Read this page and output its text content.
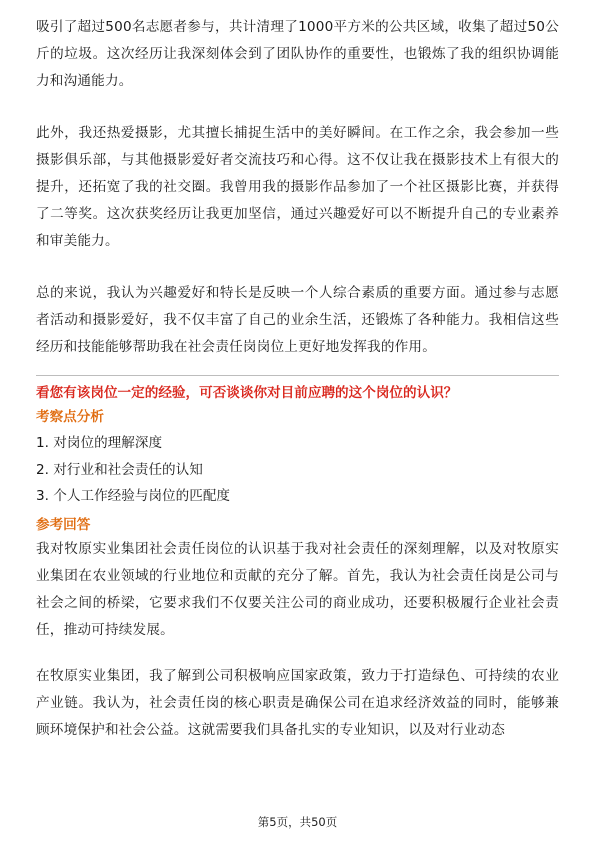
吸引了超过500名志愿者参与，共计清理了1000平方米的公共区域，收集了超过50公斤的垃圾。这次经历让我深刻体会到了团队协作的重要性，也锻炼了我的组织协调能力和沟通能力。

此外，我还热爱摄影，尤其擅长捕捉生活中的美好瞬间。在工作之余，我会参加一些摄影俱乐部，与其他摄影爱好者交流技巧和心得。这不仅让我在摄影技术上有很大的提升，还拓宽了我的社交圈。我曾用我的摄影作品参加了一个社区摄影比赛，并获得了二等奖。这次获奖经历让我更加坚信，通过兴趣爱好可以不断提升自己的专业素养和审美能力。

总的来说，我认为兴趣爱好和特长是反映一个人综合素质的重要方面。通过参与志愿者活动和摄影爱好，我不仅丰富了自己的业余生活，还锻炼了各种能力。我相信这些经历和技能能够帮助我在社会责任岗岗位上更好地发挥我的作用。

看您有该岗位一定的经验，可否谈谈你对目前应聘的这个岗位的认识？
考察点分析
1. 对岗位的理解深度
2. 对行业和社会责任的认知
3. 个人工作经验与岗位的匹配度
参考回答

我对牧原实业集团社会责任岗位的认识基于我对社会责任的深刻理解，以及对牧原实业集团在农业领域的行业地位和贡献的充分了解。首先，我认为社会责任岗是公司与社会之间的桥梁，它要求我们不仅要关注公司的商业成功，还要积极履行企业社会责任，推动可持续发展。

在牧原实业集团，我了解到公司积极响应国家政策，致力于打造绿色、可持续的农业产业链。我认为，社会责任岗的核心职责是确保公司在追求经济效益的同时，能够兼顾环境保护和社会公益。这就需要我们具备扎实的专业知识，以及对行业动态

第5页，共50页
